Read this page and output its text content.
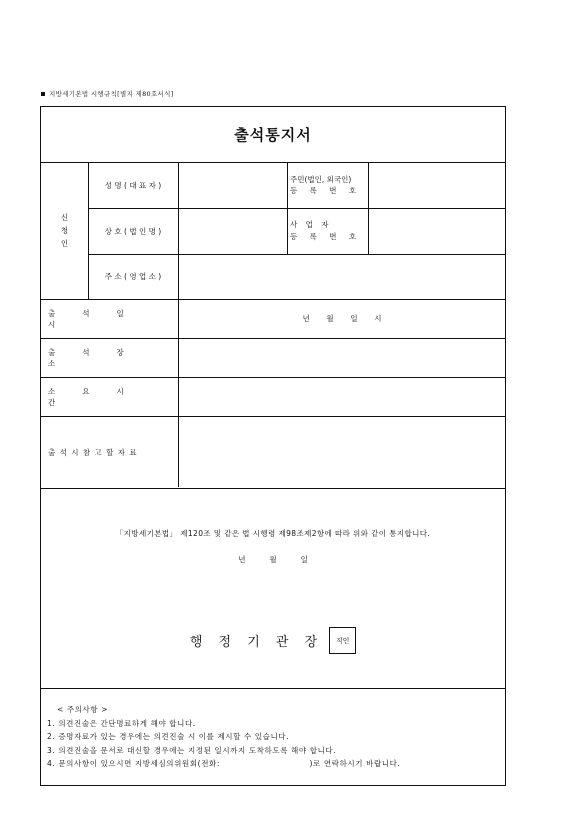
지방세기본법 시행규칙[별지 제80호서식]
출석통지서
신
청
인
성 명 ( 대 표 자 )
주민(법인, 외국인)
등 록 번 호
상 호 ( 법 인 명 )
사 업 자
등 록 번 호
주 소 ( 영 업 소 )
출석일시
년       월       일       시
출석장소
소요시간
출 석 시 참 고 할 자 료
「지방세기본법」 제120조 및 같은 법 시행령 제98조제2항에 따라 위와 같이 통지합니다.
년          월          일
행 정 기 관 장	직인
< 주의사항 >
1. 의견진술은 간단명료하게 해야 합니다.
2. 증명자료가 있는 경우에는 의견진술 시 이를 제시할 수 있습니다.
3. 의견진술을 문서로 대신할 경우에는 지정된 일시까지 도착하도록 해야 합니다.
4. 문의사항이 있으시면 지방세심의위원회(전화:                              )로 연락하시기 바랍니다.
